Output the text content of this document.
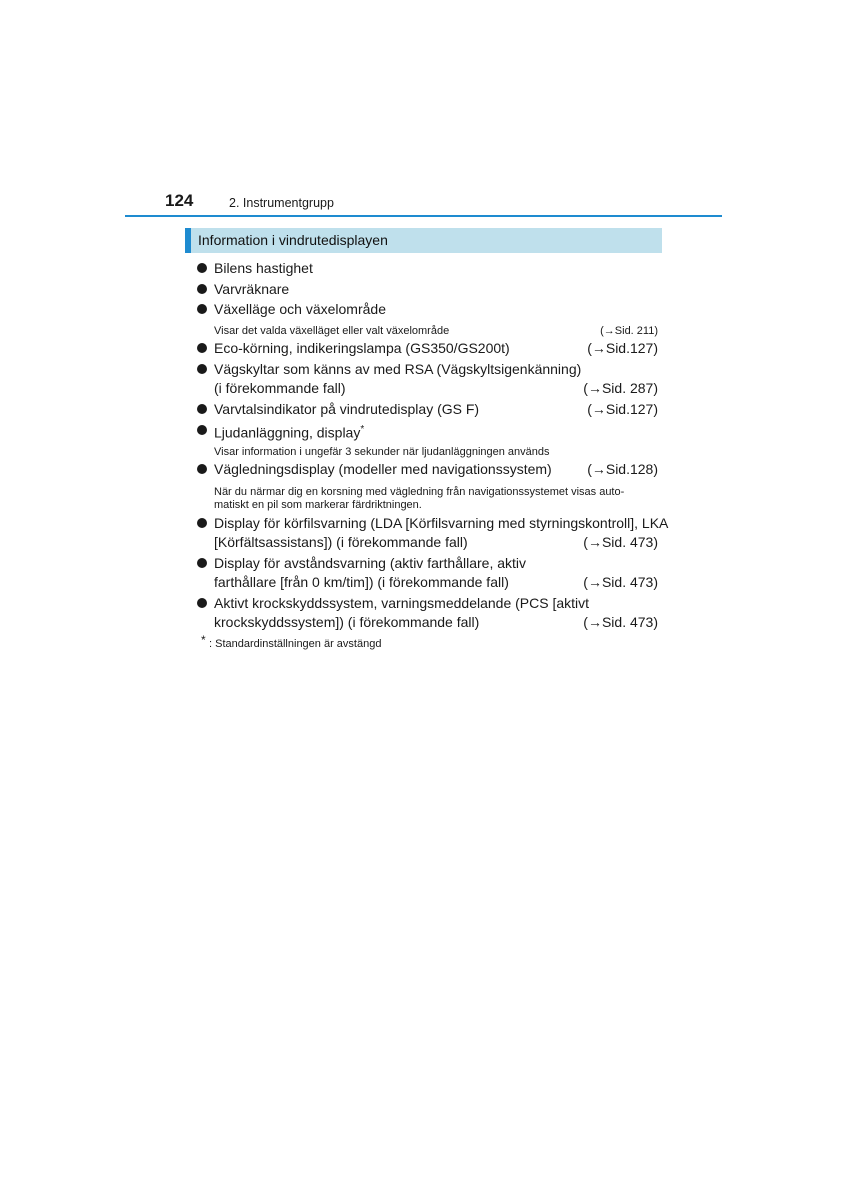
124	2. Instrumentgrupp
Information i vindrutedisplayen
Bilens hastighet
Varvräknare
Växelläge och växelområde
Visar det valda växelläget eller valt växelområde	(→Sid. 211)
Eco-körning, indikeringslampa (GS350/GS200t)	(→Sid.127)
Vägskyltar som känns av med RSA (Vägskyltsigenkänning)
(i förekommande fall)	(→Sid. 287)
Varvtalsindikator på vindrutedisplay (GS F)	(→Sid.127)
Ljudanläggning, display*
Visar information i ungefär 3 sekunder när ljudanläggningen används
Vägledningsdisplay (modeller med navigationssystem)	(→Sid.128)
När du närmar dig en korsning med vägledning från navigationssystemet visas auto-
matiskt en pil som markerar färdriktningen.
Display för körfilsvarning (LDA [Körfilsvarning med styrningskontroll], LKA
[Körfältsassistans]) (i förekommande fall)	(→Sid. 473)
Display för avståndsvarning (aktiv farthållare, aktiv
farthållare [från 0 km/tim]) (i förekommande fall)	(→Sid. 473)
Aktivt krockskyddssystem, varningsmeddelande (PCS [aktivt
krockskyddssystem]) (i förekommande fall)	(→Sid. 473)
* : Standardinställningen är avstängd
